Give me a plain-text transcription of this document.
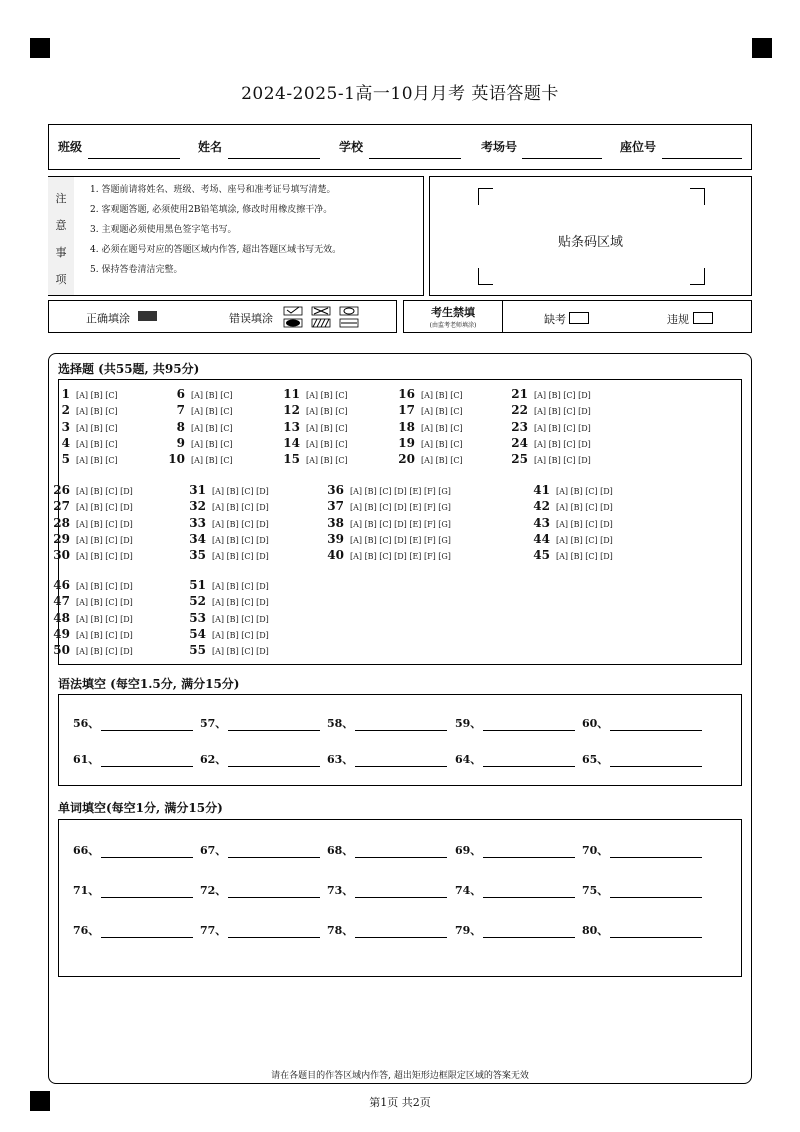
2024-2025-1高一10月月考 英语答题卡
班级	姓名	学校	考场号	座位号
注
意
事
项
1. 答题前请将姓名、班级、考场、座号和准考证号填写清楚。
2. 客观题答题, 必须使用2B铅笔填涂, 修改时用橡皮擦干净。
3. 主观题必须使用黑色签字笔书写。
4. 必须在题号对应的答题区域内作答, 超出答题区域书写无效。
5. 保持答卷清洁完整。
贴条码区域
正确填涂	错误填涂	考生禁填
(由监考老师填涂)	缺考	违规
选择题 (共55题, 共95分)
1 [A] [B] [C]
2 [A] [B] [C]
3 [A] [B] [C]
4 [A] [B] [C]
5 [A] [B] [C]
6 [A] [B] [C]
7 [A] [B] [C]
8 [A] [B] [C]
9 [A] [B] [C]
10 [A] [B] [C]
11 [A] [B] [C]
12 [A] [B] [C]
13 [A] [B] [C]
14 [A] [B] [C]
15 [A] [B] [C]
16 [A] [B] [C]
17 [A] [B] [C]
18 [A] [B] [C]
19 [A] [B] [C]
20 [A] [B] [C]
21 [A] [B] [C] [D]
22 [A] [B] [C] [D]
23 [A] [B] [C] [D]
24 [A] [B] [C] [D]
25 [A] [B] [C] [D]
26 [A] [B] [C] [D]
27 [A] [B] [C] [D]
28 [A] [B] [C] [D]
29 [A] [B] [C] [D]
30 [A] [B] [C] [D]
31 [A] [B] [C] [D]
32 [A] [B] [C] [D]
33 [A] [B] [C] [D]
34 [A] [B] [C] [D]
35 [A] [B] [C] [D]
36 [A] [B] [C] [D] [E] [F] [G]
37 [A] [B] [C] [D] [E] [F] [G]
38 [A] [B] [C] [D] [E] [F] [G]
39 [A] [B] [C] [D] [E] [F] [G]
40 [A] [B] [C] [D] [E] [F] [G]
41 [A] [B] [C] [D]
42 [A] [B] [C] [D]
43 [A] [B] [C] [D]
44 [A] [B] [C] [D]
45 [A] [B] [C] [D]
46 [A] [B] [C] [D]
47 [A] [B] [C] [D]
48 [A] [B] [C] [D]
49 [A] [B] [C] [D]
50 [A] [B] [C] [D]
51 [A] [B] [C] [D]
52 [A] [B] [C] [D]
53 [A] [B] [C] [D]
54 [A] [B] [C] [D]
55 [A] [B] [C] [D]
语法填空 (每空1.5分, 满分15分)
56、	57、	58、	59、	60、
61、	62、	63、	64、	65、
单词填空(每空1分, 满分15分)
66、	67、	68、	69、	70、
71、	72、	73、	74、	75、
76、	77、	78、	79、	80、
请在各题目的作答区域内作答, 超出矩形边框限定区域的答案无效
第1页 共2页
